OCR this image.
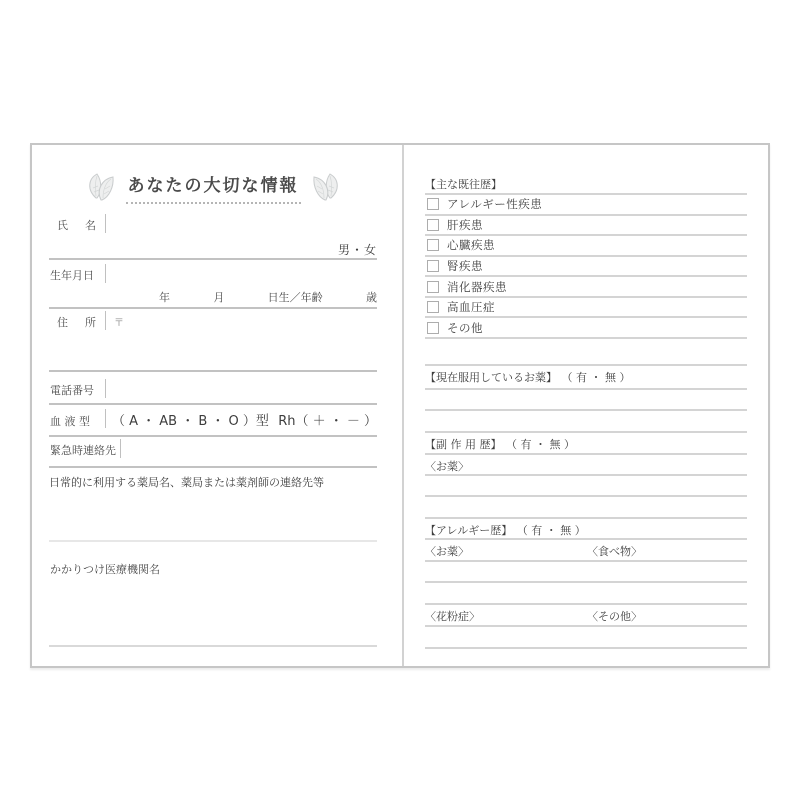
あなたの大切な情報
氏　名
男・女
生年月日
年	月	日生／年齢	歳
住　所 〒
電話番号
血 液 型 （ A ・ AB ・ B ・ O ）型 Rh（ ＋ ・ － ）
緊急時連絡先
日常的に利用する薬局名、薬局または薬剤師の連絡先等
かかりつけ医療機関名
【主な既往歴】
アレルギー性疾患
肝疾患
心臓疾患
腎疾患
消化器疾患
高血圧症
その他
【現在服用しているお薬】 （ 有 ・ 無 ）
【副 作 用 歴】 （ 有 ・ 無 ）
〈お薬〉
【アレルギー歴】 （ 有 ・ 無 ）
〈お薬〉	〈食べ物〉
〈花粉症〉	〈その他〉
